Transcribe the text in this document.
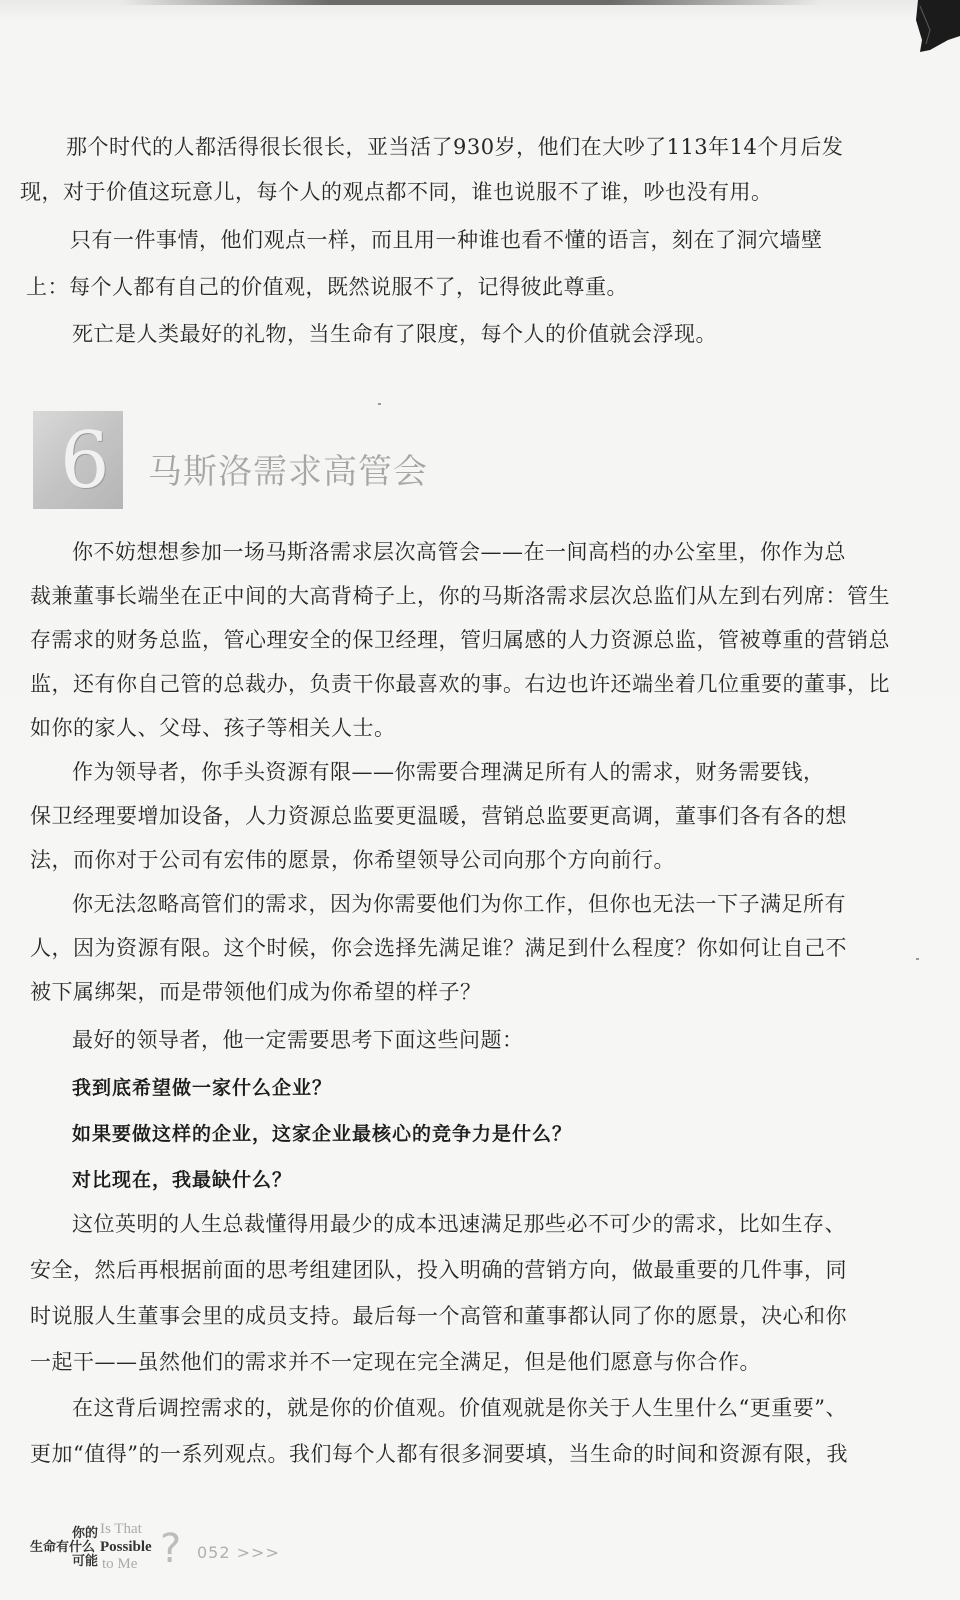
那个时代的人都活得很长很长，亚当活了930岁，他们在大吵了113年14个月后发
现，对于价值这玩意儿，每个人的观点都不同，谁也说服不了谁，吵也没有用。
只有一件事情，他们观点一样，而且用一种谁也看不懂的语言，刻在了洞穴墙壁
上：每个人都有自己的价值观，既然说服不了，记得彼此尊重。
死亡是人类最好的礼物，当生命有了限度，每个人的价值就会浮现。
6 马斯洛需求高管会
你不妨想想参加一场马斯洛需求层次高管会——在一间高档的办公室里，你作为总
裁兼董事长端坐在正中间的大高背椅子上，你的马斯洛需求层次总监们从左到右列席：管生
存需求的财务总监，管心理安全的保卫经理，管归属感的人力资源总监，管被尊重的营销总
监，还有你自己管的总裁办，负责干你最喜欢的事。右边也许还端坐着几位重要的董事，比
如你的家人、父母、孩子等相关人士。
作为领导者，你手头资源有限——你需要合理满足所有人的需求，财务需要钱，
保卫经理要增加设备，人力资源总监要更温暖，营销总监要更高调，董事们各有各的想
法，而你对于公司有宏伟的愿景，你希望领导公司向那个方向前行。
你无法忽略高管们的需求，因为你需要他们为你工作，但你也无法一下子满足所有
人，因为资源有限。这个时候，你会选择先满足谁？满足到什么程度？你如何让自己不
被下属绑架，而是带领他们成为你希望的样子？
最好的领导者，他一定需要思考下面这些问题：
我到底希望做一家什么企业？
如果要做这样的企业，这家企业最核心的竞争力是什么？
对比现在，我最缺什么？
这位英明的人生总裁懂得用最少的成本迅速满足那些必不可少的需求，比如生存、
安全，然后再根据前面的思考组建团队，投入明确的营销方向，做最重要的几件事，同
时说服人生董事会里的成员支持。最后每一个高管和董事都认同了你的愿景，决心和你
一起干——虽然他们的需求并不一定现在完全满足，但是他们愿意与你合作。
在这背后调控需求的，就是你的价值观。价值观就是你关于人生里什么“更重要”、
更加“值得”的一系列观点。我们每个人都有很多洞要填，当生命的时间和资源有限，我
你的
生命有什么
可能
Is That
Possible
to Me ? 052 >>>
